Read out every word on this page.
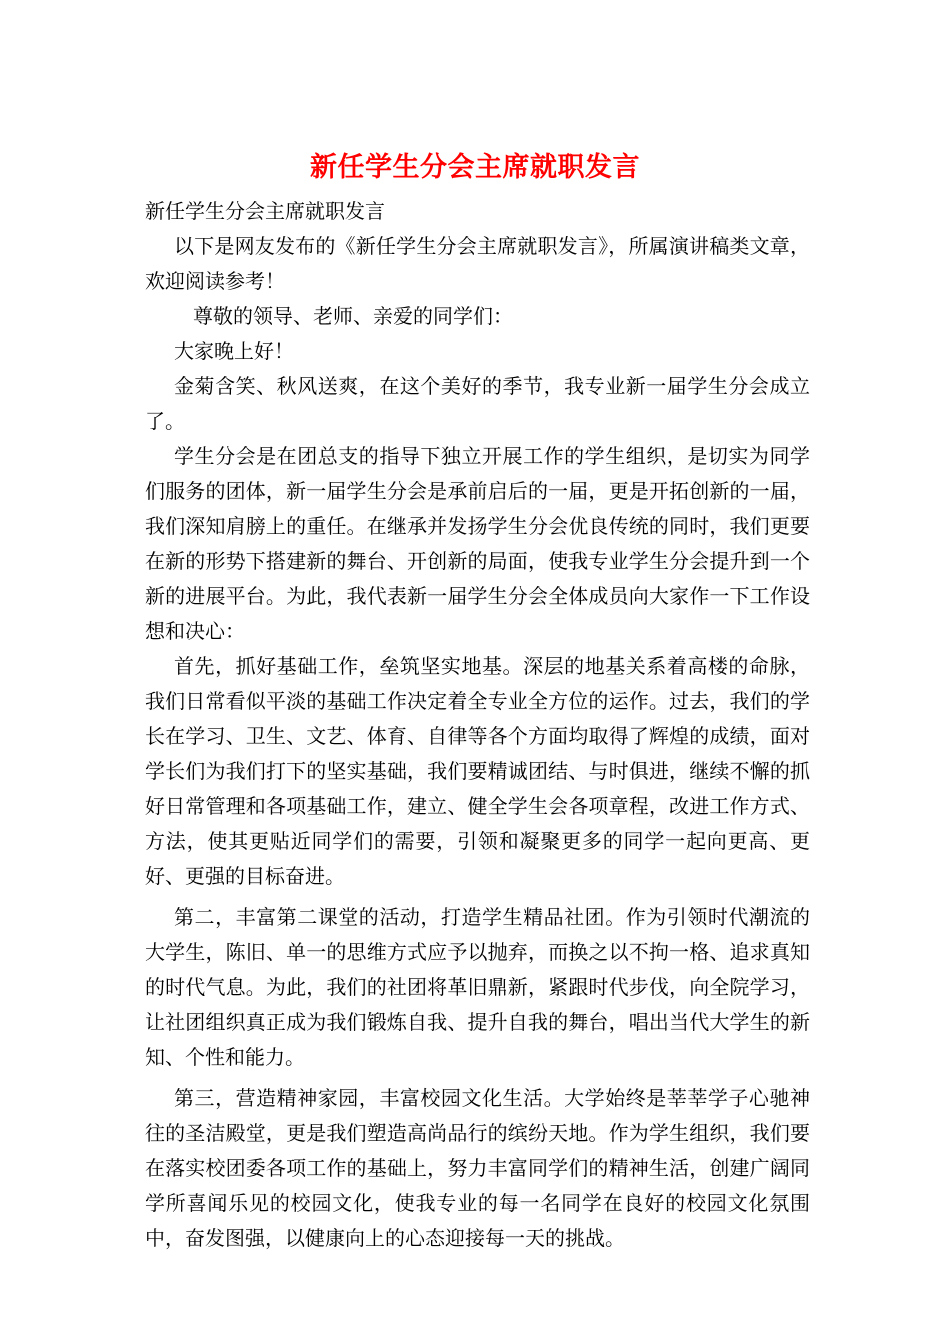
新任学生分会主席就职发言

新任学生分会主席就职发言

以下是网友发布的《新任学生分会主席就职发言》，所属演讲稿类文章，欢迎阅读参考！

尊敬的领导、老师、亲爱的同学们：

大家晚上好！

金菊含笑、秋风送爽，在这个美好的季节，我专业新一届学生分会成立了。

学生分会是在团总支的指导下独立开展工作的学生组织，是切实为同学们服务的团体，新一届学生分会是承前启后的一届，更是开拓创新的一届，我们深知肩膀上的重任。在继承并发扬学生分会优良传统的同时，我们更要在新的形势下搭建新的舞台、开创新的局面，使我专业学生分会提升到一个新的进展平台。为此，我代表新一届学生分会全体成员向大家作一下工作设想和决心：

首先，抓好基础工作，垒筑坚实地基。深层的地基关系着高楼的命脉，我们日常看似平淡的基础工作决定着全专业全方位的运作。过去，我们的学长在学习、卫生、文艺、体育、自律等各个方面均取得了辉煌的成绩，面对学长们为我们打下的坚实基础，我们要精诚团结、与时俱进，继续不懈的抓好日常管理和各项基础工作，建立、健全学生会各项章程，改进工作方式、方法，使其更贴近同学们的需要，引领和凝聚更多的同学一起向更高、更好、更强的目标奋进。

第二，丰富第二课堂的活动，打造学生精品社团。作为引领时代潮流的大学生，陈旧、单一的思维方式应予以抛弃，而换之以不拘一格、追求真知的时代气息。为此，我们的社团将革旧鼎新，紧跟时代步伐，向全院学习，让社团组织真正成为我们锻炼自我、提升自我的舞台，唱出当代大学生的新知、个性和能力。

第三，营造精神家园，丰富校园文化生活。大学始终是莘莘学子心驰神往的圣洁殿堂，更是我们塑造高尚品行的缤纷天地。作为学生组织，我们要在落实校团委各项工作的基础上，努力丰富同学们的精神生活，创建广阔同学所喜闻乐见的校园文化，使我专业的每一名同学在良好的校园文化氛围中，奋发图强，以健康向上的心态迎接每一天的挑战。
